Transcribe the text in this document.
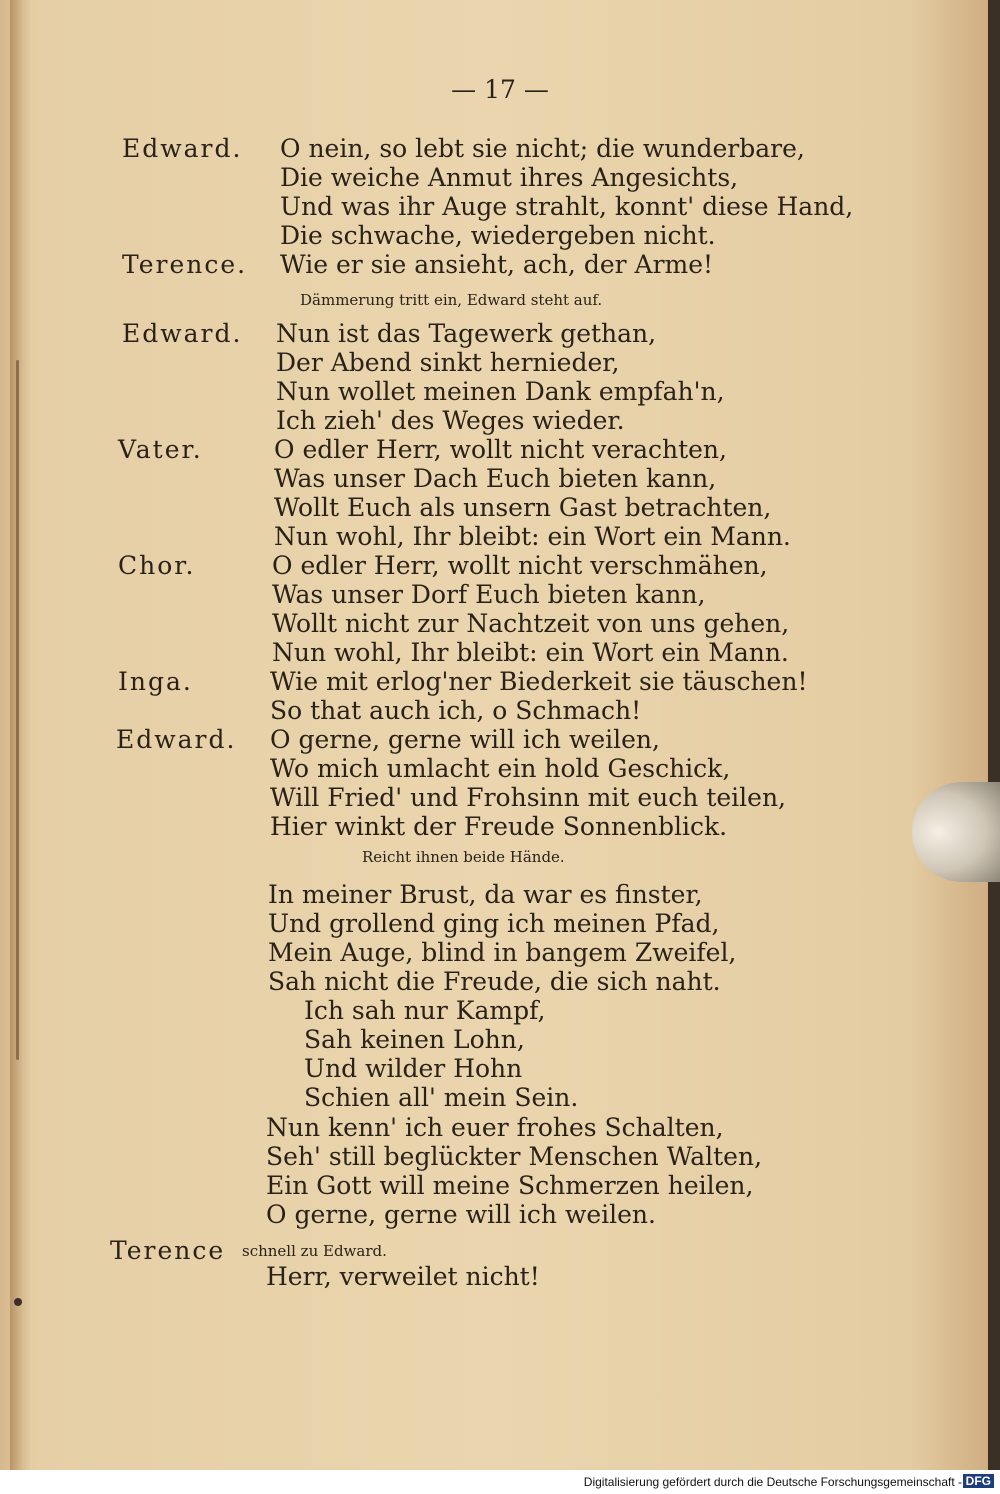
— 17 —
Edward. O nein, so lebt sie nicht; die wunderbare,
Die weiche Anmut ihres Angesichts,
Und was ihr Auge strahlt, konnt' diese Hand,
Die schwache, wiedergeben nicht.
Terence. Wie er sie ansieht, ach, der Arme!
Dämmerung tritt ein, Edward steht auf.
Edward. Nun ist das Tagewerk gethan,
Der Abend sinkt hernieder,
Nun wollet meinen Dank empfah'n,
Ich zieh' des Weges wieder.
Vater.	O edler Herr, wollt nicht verachten,
Was unser Dach Euch bieten kann,
Wollt Euch als unsern Gast betrachten,
Nun wohl, Ihr bleibt: ein Wort ein Mann.
Chor.	O edler Herr, wollt nicht verschmähen,
Was unser Dorf Euch bieten kann,
Wollt nicht zur Nachtzeit von uns gehen,
Nun wohl, Ihr bleibt: ein Wort ein Mann.
Inga.	Wie mit erlog'ner Biederkeit sie täuschen!
So that auch ich, o Schmach!
Edward. O gerne, gerne will ich weilen,
Wo mich umlacht ein hold Geschick,
Will Fried' und Frohsinn mit euch teilen,
Hier winkt der Freude Sonnenblick.
Reicht ihnen beide Hände.
In meiner Brust, da war es finster,
Und grollend ging ich meinen Pfad,
Mein Auge, blind in bangem Zweifel,
Sah nicht die Freude, die sich naht.
Ich sah nur Kampf,
Sah keinen Lohn,
Und wilder Hohn
Schien all' mein Sein.
Nun kenn' ich euer frohes Schalten,
Seh' still beglückter Menschen Walten,
Ein Gott will meine Schmerzen heilen,
O gerne, gerne will ich weilen.
Terence schnell zu Edward.
Herr, verweilet nicht!
Digitalisierung gefördert durch die Deutsche Forschungsgemeinschaft - DFG
